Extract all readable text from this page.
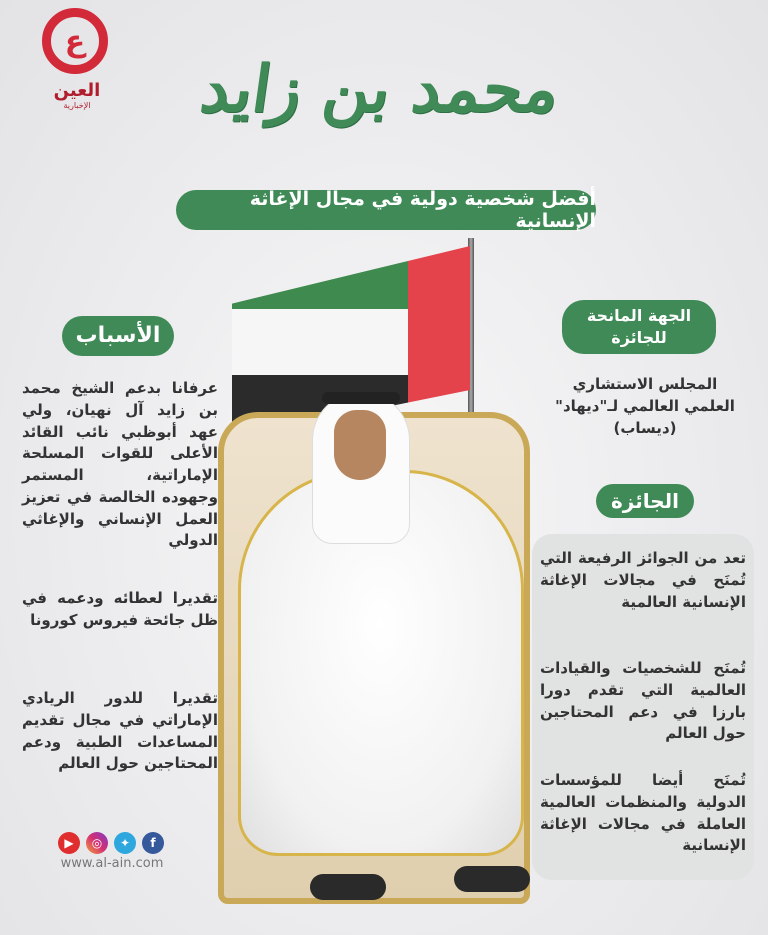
ع
العين
الإخبارية	محمد بن زايد
أفضل شخصية دولية في مجال الإغاثة الإنسانية
الأسباب
عرفانا بدعم الشيخ محمد بن زايد آل نهيان، ولي عهد أبوظبي نائب القائد الأعلى للقوات المسلحة الإماراتية، المستمر وجهوده الخالصة في تعزيز العمل الإنساني والإغاثي الدولي
تقديرا لعطائه ودعمه في ظل جائحة فيروس كورونا
تقديرا للدور الريادي الإماراتي في مجال تقديم المساعدات الطبية ودعم المحتاجين حول العالم
الجهة المانحة للجائزة
المجلس الاستشاري العلمي العالمي لـ"ديهاد" (ديساب)
الجائزة
تعد من الجوائز الرفيعة التي تُمنَح في مجالات الإغاثة الإنسانية العالمية
تُمنَح للشخصيات والقيادات العالمية التي تقدم دورا بارزا في دعم المحتاجين حول العالم
تُمنَح أيضا للمؤسسات الدولية والمنظمات العالمية العاملة في مجالات الإغاثة الإنسانية
▶	◎	✦	f
www.al-ain.com
